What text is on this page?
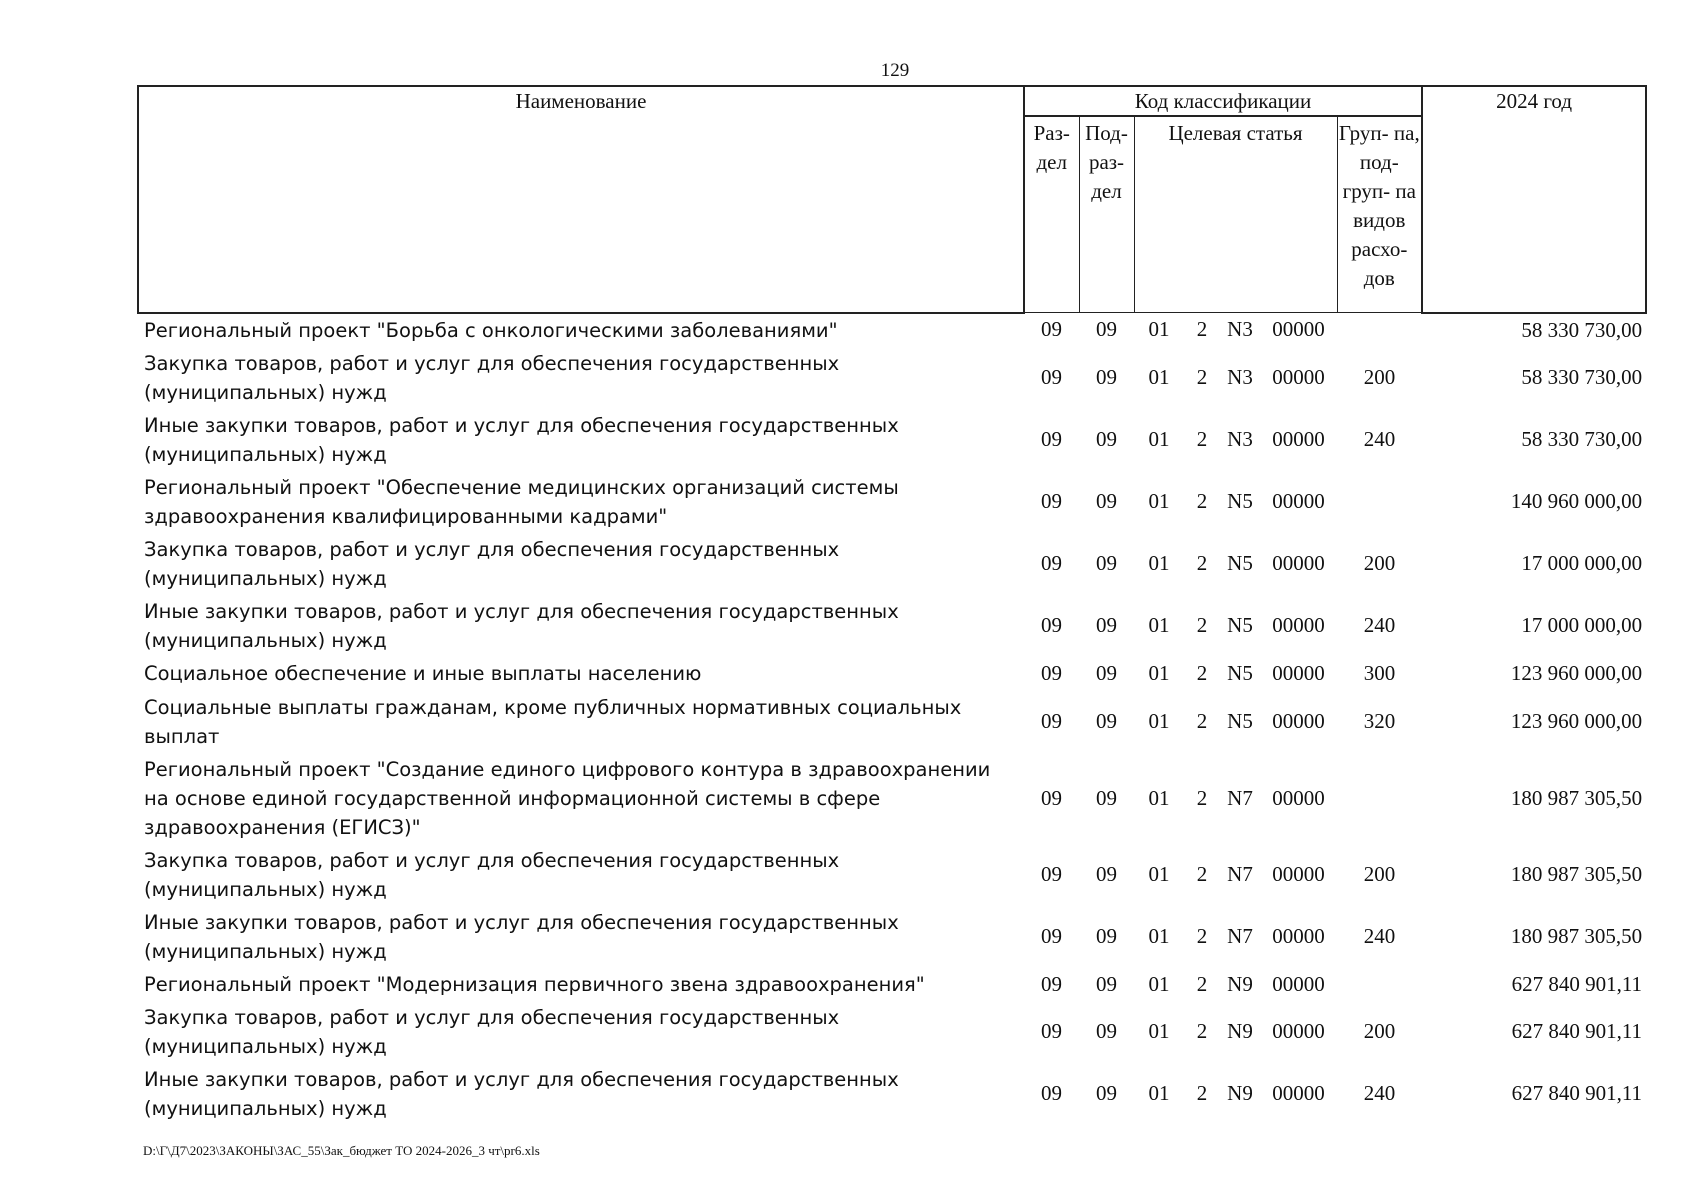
129
Наименование	Код классификации							2024 год
	Раз- дел	Под- раз- дел	Целевая статья				Груп- па, под- груп- па видов расхо- дов	
Региональный проект "Борьба с онкологическими заболеваниями"	09	09	01	2	N3	00000		58 330 730,00
Закупка товаров, работ и услуг для обеспечения государственных (муниципальных) нужд	09	09	01	2	N3	00000	200	58 330 730,00
Иные закупки товаров, работ и услуг для обеспечения государственных (муниципальных) нужд	09	09	01	2	N3	00000	240	58 330 730,00
Региональный проект "Обеспечение медицинских организаций системы здравоохранения квалифицированными кадрами"	09	09	01	2	N5	00000		140 960 000,00
Закупка товаров, работ и услуг для обеспечения государственных (муниципальных) нужд	09	09	01	2	N5	00000	200	17 000 000,00
Иные закупки товаров, работ и услуг для обеспечения государственных (муниципальных) нужд	09	09	01	2	N5	00000	240	17 000 000,00
Социальное обеспечение и иные выплаты населению	09	09	01	2	N5	00000	300	123 960 000,00
Социальные выплаты гражданам, кроме публичных нормативных социальных выплат	09	09	01	2	N5	00000	320	123 960 000,00
Региональный проект "Создание единого цифрового контура в здравоохранении на основе единой государственной информационной системы в сфере здравоохранения (ЕГИСЗ)"	09	09	01	2	N7	00000		180 987 305,50
Закупка товаров, работ и услуг для обеспечения государственных (муниципальных) нужд	09	09	01	2	N7	00000	200	180 987 305,50
Иные закупки товаров, работ и услуг для обеспечения государственных (муниципальных) нужд	09	09	01	2	N7	00000	240	180 987 305,50
Региональный проект "Модернизация первичного звена здравоохранения"	09	09	01	2	N9	00000		627 840 901,11
Закупка товаров, работ и услуг для обеспечения государственных (муниципальных) нужд	09	09	01	2	N9	00000	200	627 840 901,11
Иные закупки товаров, работ и услуг для обеспечения государственных (муниципальных) нужд	09	09	01	2	N9	00000	240	627 840 901,11
D:\Г\Д7\2023\ЗАКОНЫ\ЗАС_55\Зак_бюджет ТО 2024-2026_3 чт\pr6.xls
